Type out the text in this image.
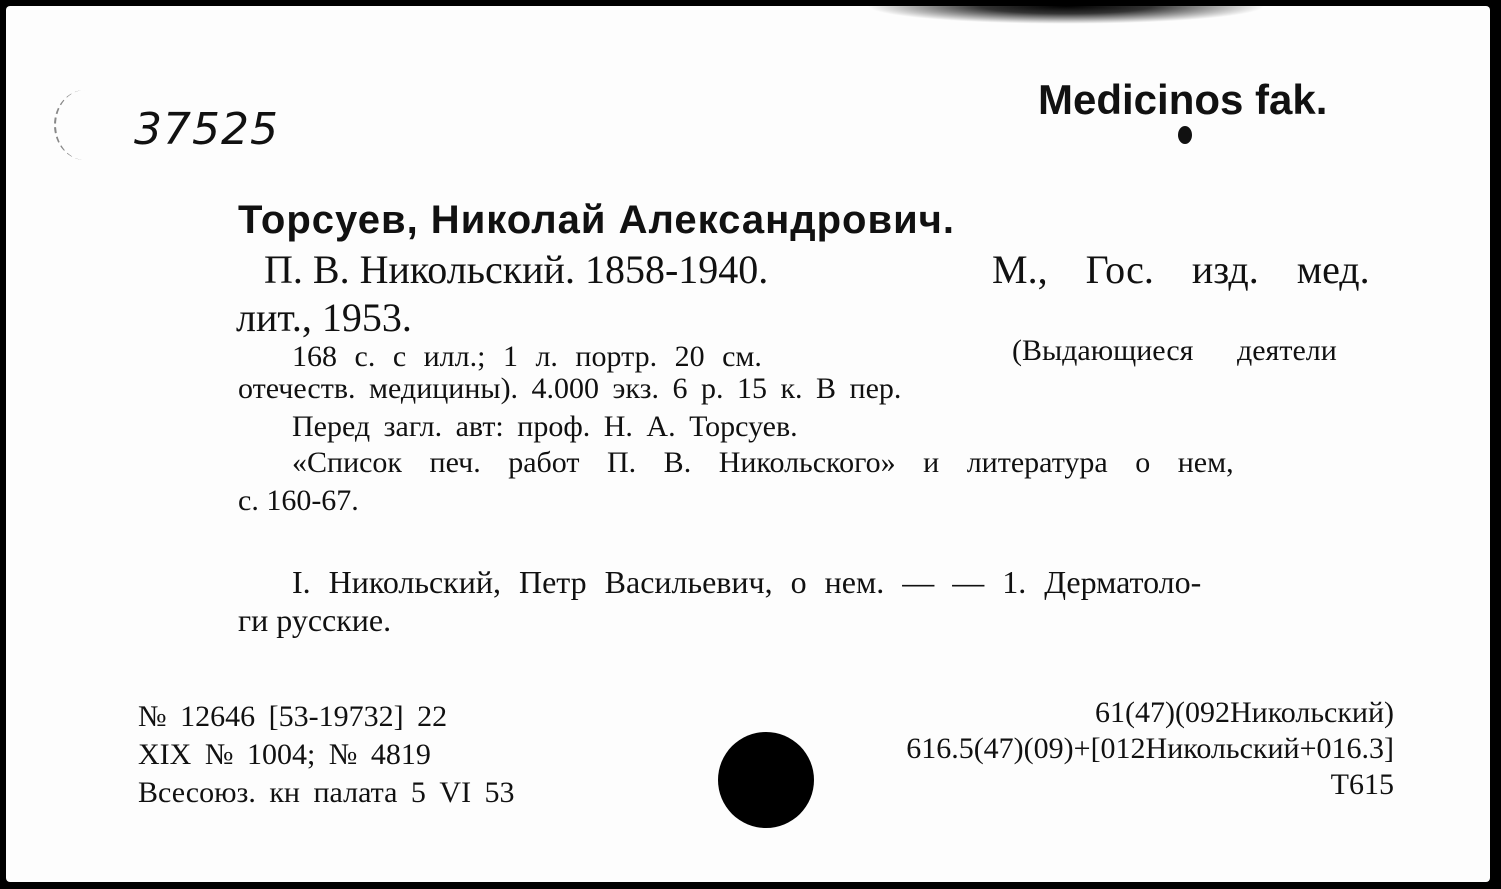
37525
Medicinos fak.
Торсуев, Николай Александрович.
П. В. Никольский. 1858-1940.	М., Гос. изд. мед.
лит., 1953.
168 с. с илл.; 1 л. портр. 20 см.	(Выдающиеся деятели
отечеств. медицины). 4.000 экз. 6 р. 15 к. В пер.
Перед загл. авт: проф. Н. А. Торсуев.
«Список печ. работ П. В. Никольского» и литература о нем,
с. 160-67.
I. Никольский, Петр Васильевич, о нем. — — 1. Дерматоло-
ги русские.
№ 12646 [53-19732] 22
XIX № 1004; № 4819
Всесоюз. кн палата 5 VI 53
61(47)(092Никольский)
616.5(47)(09)+[012Никольский+016.3]
Т615
